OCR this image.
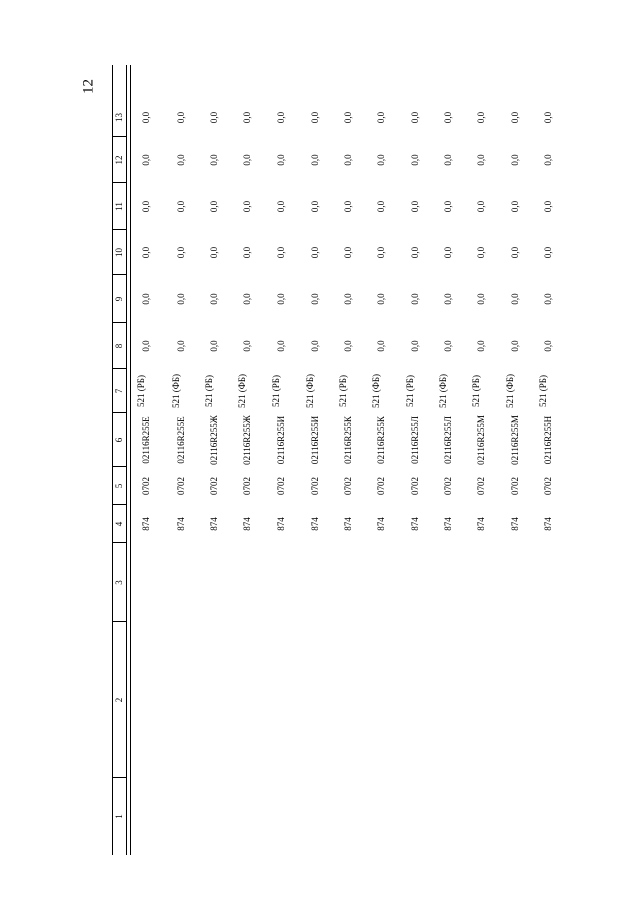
12
1
2
3
4
5
6
7
8
9
10
11
12
13
874
0702
02116R255Е
521 (РБ)
0,0
0,0
0,0
0,0
0,0
0,0
874
0702
02116R255Е
521 (ФБ)
0,0
0,0
0,0
0,0
0,0
0,0
874
0702
02116R255Ж
521 (РБ)
0,0
0,0
0,0
0,0
0,0
0,0
874
0702
02116R255Ж
521 (ФБ)
0,0
0,0
0,0
0,0
0,0
0,0
874
0702
02116R255И
521 (РБ)
0,0
0,0
0,0
0,0
0,0
0,0
874
0702
02116R255И
521 (ФБ)
0,0
0,0
0,0
0,0
0,0
0,0
874
0702
02116R255К
521 (РБ)
0,0
0,0
0,0
0,0
0,0
0,0
874
0702
02116R255К
521 (ФБ)
0,0
0,0
0,0
0,0
0,0
0,0
874
0702
02116R255Л
521 (РБ)
0,0
0,0
0,0
0,0
0,0
0,0
874
0702
02116R255Л
521 (ФБ)
0,0
0,0
0,0
0,0
0,0
0,0
874
0702
02116R255М
521 (РБ)
0,0
0,0
0,0
0,0
0,0
0,0
874
0702
02116R255М
521 (ФБ)
0,0
0,0
0,0
0,0
0,0
0,0
874
0702
02116R255Н
521 (РБ)
0,0
0,0
0,0
0,0
0,0
0,0
